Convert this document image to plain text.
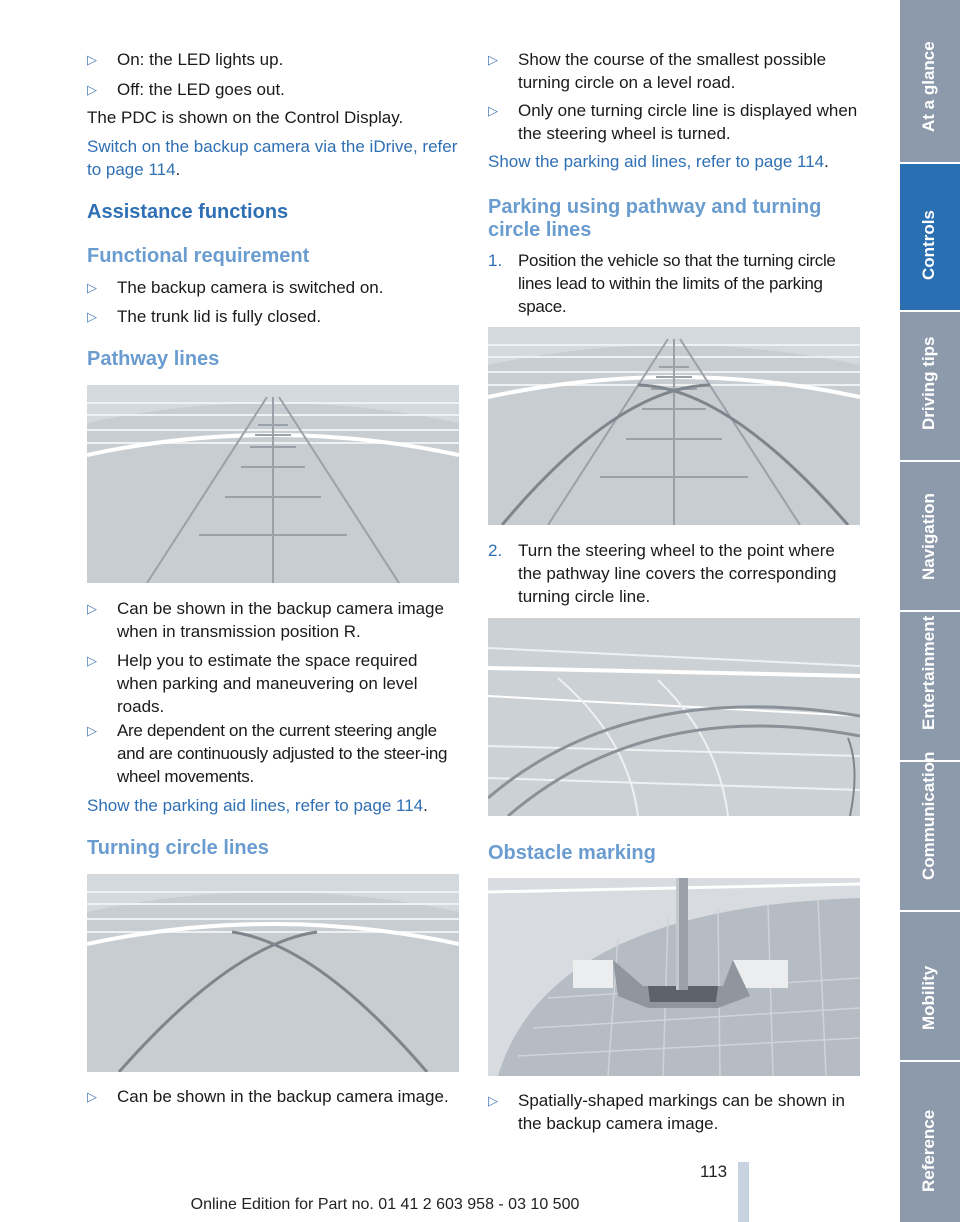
▷ On: the LED lights up.
▷ Off: the LED goes out.
The PDC is shown on the Control Display.
Switch on the backup camera via the iDrive, refer to page 114.
Assistance functions
Functional requirement
▷ The backup camera is switched on.
▷ The trunk lid is fully closed.
Pathway lines
▷ Can be shown in the backup camera image when in transmission position R.
▷ Help you to estimate the space required when parking and maneuvering on level roads.
▷ Are dependent on the current steering angle and are continuously adjusted to the steer-ing wheel movements.
Show the parking aid lines, refer to page 114.
Turning circle lines
▷ Can be shown in the backup camera image.
▷ Show the course of the smallest possible turning circle on a level road.
▷ Only one turning circle line is displayed when the steering wheel is turned.
Show the parking aid lines, refer to page 114.
Parking using pathway and turning circle lines
1. Position the vehicle so that the turning circle lines lead to within the limits of the parking space.
2. Turn the steering wheel to the point where the pathway line covers the corresponding turning circle line.
Obstacle marking
▷ Spatially-shaped markings can be shown in the backup camera image.
113
Online Edition for Part no. 01 41 2 603 958 - 03 10 500
At a glance
Controls
Driving tips
Navigation
Entertainment
Communication
Mobility
Reference
